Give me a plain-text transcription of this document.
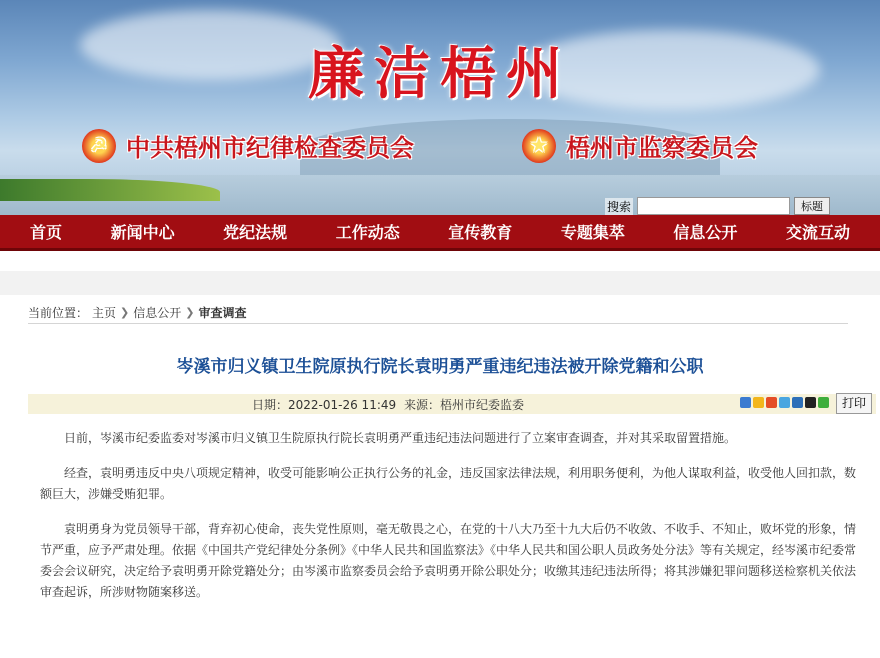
廉洁梧州
☭ 中共梧州市纪律检查委员会	★ 梧州市监察委员会
搜索	标题
首页	新闻中心	党纪法规	工作动态	宣传教育	专题集萃	信息公开	交流互动
当前位置： 主页 ❯ 信息公开 ❯ 审查调查
岑溪市归义镇卫生院原执行院长袁明勇严重违纪违法被开除党籍和公职
日期：2022-01-26 11:49 来源：梧州市纪委监委	打印

日前，岑溪市纪委监委对岑溪市归义镇卫生院原执行院长袁明勇严重违纪违法问题进行了立案审查调查，并对其采取留置措施。

经查，袁明勇违反中央八项规定精神，收受可能影响公正执行公务的礼金，违反国家法律法规，利用职务便利，为他人谋取利益，收受他人回扣款，数额巨大，涉嫌受贿犯罪。

袁明勇身为党员领导干部，背弃初心使命，丧失党性原则，毫无敬畏之心，在党的十八大乃至十九大后仍不收敛、不收手、不知止，败坏党的形象，情节严重，应予严肃处理。依据《中国共产党纪律处分条例》《中华人民共和国监察法》《中华人民共和国公职人员政务处分法》等有关规定，经岑溪市纪委常委会会议研究，决定给予袁明勇开除党籍处分；由岑溪市监察委员会给予袁明勇开除公职处分；收缴其违纪违法所得；将其涉嫌犯罪问题移送检察机关依法审查起诉，所涉财物随案移送。
